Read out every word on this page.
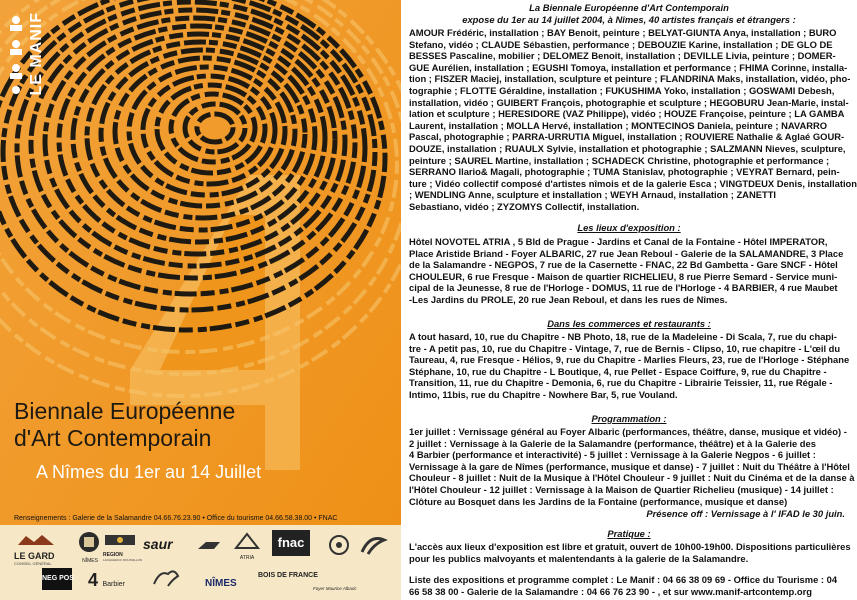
LE MANIF
Biennale Européenne
d'Art Contemporain
A Nîmes du 1er au 14 Juillet
Renseignements : Galerie de la Salamandre 04.66.76.23.90 • Office du tourisme 04.66.58.38.00 • FNAC
LE GARD
CONSEIL GÉNÉRAL	NÎMES
REGION
LANGUEDOC ROUSSILLON
saur
ATRIA
fnac
NEG POS 4 Barbier	NÎMES
BOIS DE FRANCE
Foyer Maurice Albaric
La Biennale Européenne d'Art Contemporain
expose du 1er au 14 juillet 2004, à Nîmes, 40 artistes français et étrangers :
AMOUR Frédéric, installation ; BAY Benoit, peinture ; BELYAT-GIUNTA Anya, installation ; BURO
Stefano, vidéo ; CLAUDE Sébastien, performance ; DEBOUZIE Karine, installation ; DE GLO DE
BESSES Pascaline, mobilier ; DELOMEZ Benoit, installation ; DEVILLE Livia, peinture ; DOMER-
GUE Aurélien, installation ; EGUSHI Tomoya, installation et performance ; FHIMA Corinne, installa-
tion ; FISZER Maciej, installation, sculpture et peinture ; FLANDRINA Maks, installation, vidéo, pho-
tographie ; FLOTTE Géraldine, installation ; FUKUSHIMA Yoko, installation ; GOSWAMI Debesh,
installation, vidéo ; GUIBERT François, photographie et sculpture ; HEGOBURU Jean-Marie, instal-
lation et sculpture ; HERESIDORE (VAZ Philippe), vidéo ; HOUZE Françoise, peinture ; LA GAMBA
Laurent, installation ; MOLLA Hervé, installation ; MONTECINOS Daniela, peinture ; NAVARRO
Pascal, photographie ; PARRA-URRUTIA Miguel, installation ; ROUVIERE Nathalie & Aglaé GOUR-
DOUZE, installation ; RUAULX Sylvie, installation et photographie ; SALZMANN Nieves, sculpture,
peinture ; SAUREL Martine, installation ; SCHADECK Christine, photographie et performance ;
SERRANO Ilario& Magali, photographie ; TUMA Stanislav, photographie ; VEYRAT Bernard, pein-
ture ; Vidéo collectif composé d'artistes nîmois et de la galerie Esca ; VINGTDEUX Denis, installation
; WENDLING Anne, sculpture et installation ; WEYH Arnaud, installation ; ZANETTI
Sebastiano, vidéo ; ZYZOMYS Collectif, installation.
Les lieux d'exposition :
Hôtel NOVOTEL ATRIA , 5 Bld de Prague - Jardins et Canal de la Fontaine - Hôtel IMPERATOR,
Place Aristide Briand - Foyer ALBARIC, 27 rue Jean Reboul - Galerie de la SALAMANDRE, 3 Place
de la Salamandre - NEGPOS, 7 rue de la Casernette - FNAC, 22 Bd Gambetta - Gare SNCF - Hôtel
CHOULEUR, 6 rue Fresque - Maison de quartier RICHELIEU, 8 rue Pierre Semard - Service muni-
cipal de la Jeunesse, 8 rue de l'Horloge - DOMUS, 11 rue de l'Horloge - 4 BARBIER, 4 rue Maubet
-Les Jardins du PROLE, 20 rue Jean Reboul, et dans les rues de Nîmes.
Dans les commerces et restaurants :
A tout hasard, 10, rue du Chapitre - NB Photo, 18, rue de la Madeleine - Di Scala, 7, rue du chapi-
tre - A petit pas, 10, rue du Chapitre - Vintage, 7, rue de Bernis - Clipso, 10, rue chapitre - L'œil du
Taureau, 4, rue Fresque - Hélios, 9, rue du Chapitre - Marlies Fleurs, 23, rue de l'Horloge - Stéphane
Stéphane, 10, rue du Chapitre - L Boutique, 4, rue Pellet - Espace Coiffure, 9, rue du Chapitre -
Transition, 11, rue du Chapitre - Demonia, 6, rue du Chapitre - Librairie Teissier, 11, rue Régale -
Intimo, 11bis, rue du Chapitre - Nowhere Bar, 5, rue Vouland.
Programmation :
1er juillet : Vernissage général au Foyer Albaric (performances, théâtre, danse, musique et vidéo) -
2 juillet : Vernissage à la Galerie de la Salamandre (performance, théâtre) et à la Galerie des
4 Barbier (performance et interactivité) - 5 juillet : Vernissage à la Galerie Negpos - 6 juillet :
Vernissage à la gare de Nîmes (performance, musique et danse) - 7 juillet : Nuit du Théâtre à l'Hôtel
Chouleur - 8 juillet : Nuit de la Musique à l'Hôtel Chouleur - 9 juillet : Nuit du Cinéma et de la danse à
l'Hôtel Chouleur - 12 juillet : Vernissage à la Maison de Quartier Richelieu (musique) - 14 juillet :
Clôture au Bosquet dans les Jardins de la Fontaine (performance, musique et danse)
Présence off : Vernissage à l' IFAD le 30 juin.
Pratique :
L'accès aux lieux d'exposition est libre et gratuit, ouvert de 10h00-19h00. Dispositions particulières
pour les publics malvoyants et malentendants à la galerie de la Salamandre.
Liste des expositions et programme complet : Le Manif : 04 66 38 09 69 - Office du Tourisme : 04
66 58 38 00 - Galerie de la Salamandre : 04 66 76 23 90 - , et sur www.manif-artcontemp.org
